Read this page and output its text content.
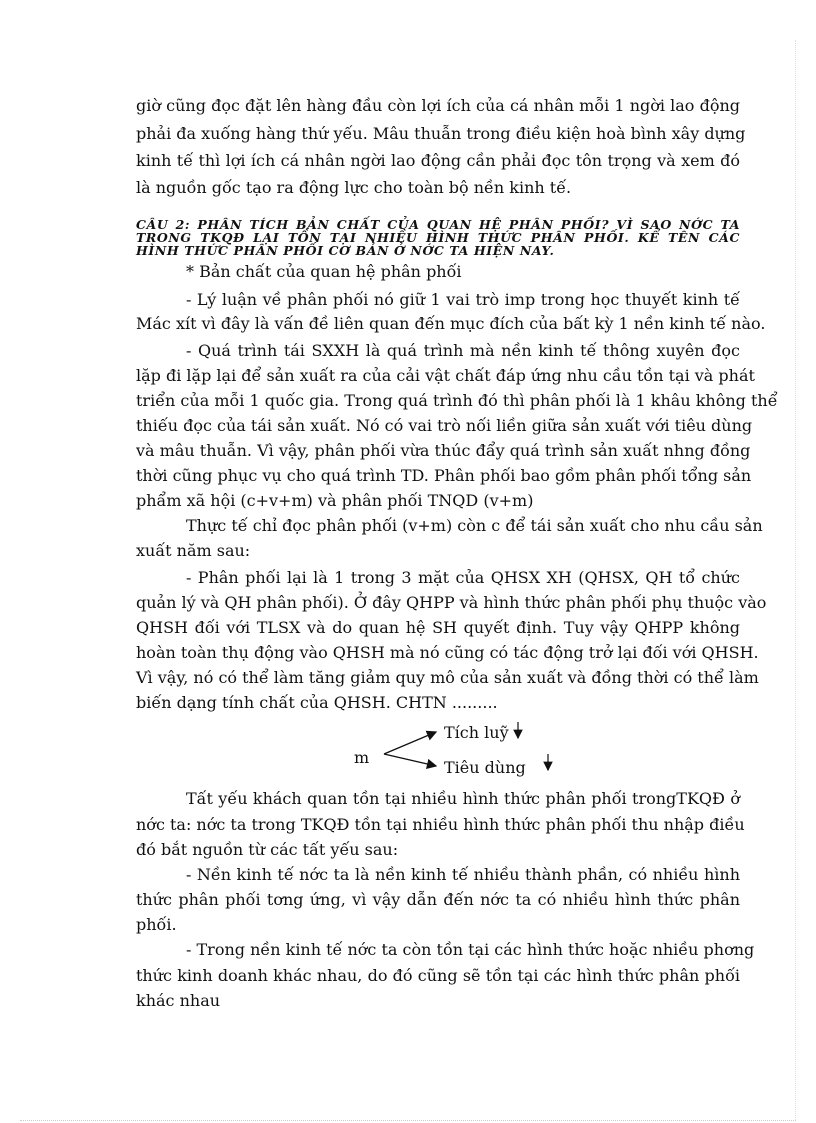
giờ cũng đọc đặt lên hàng đầu còn lợi ích của cá nhân mỗi 1 ngời lao động
phải đa xuống hàng thứ yếu. Mâu thuẫn trong điều kiện hoà bình xây dựng
kinh tế thì lợi ích cá nhân ngời lao động cần phải đọc tôn trọng và xem đó
là nguồn gốc tạo ra động lực cho toàn bộ nền kinh tế.
CÂU 2: PHÂN TÍCH BẢN CHẤT CỦA QUAN HỆ PHÂN PHỐI? VÌ SAO NỚC TA
TRONG TKQĐ LẠI TỒN TẠI NHIỀU HÌNH THỨC PHÂN PHỐI. KỂ TÊN CÁC
HÌNH THỨC PHÂN PHỐI CƠ BẢN Ở NỚC TA HIỆN NAY.
* Bản chất của quan hệ phân phối
- Lý luận về phân phối nó giữ 1 vai trò imp trong học thuyết kinh tế
Mác xít vì đây là vấn đề liên quan đến mục đích của bất kỳ 1 nền kinh tế nào.
- Quá trình tái SXXH là quá trình mà nền kinh tế thông xuyên đọc
lặp đi lặp lại để sản xuất ra của cải vật chất đáp ứng nhu cầu tồn tại và phát
triển của mỗi 1 quốc gia. Trong quá trình đó thì phân phối là 1 khâu không thể
thiếu đọc của tái sản xuất. Nó có vai trò nối liền giữa sản xuất với tiêu dùng
và mâu thuẫn. Vì vậy, phân phối vừa thúc đẩy quá trình sản xuất nhng đồng
thời cũng phục vụ cho quá trình TD. Phân phối bao gồm phân phối tổng sản
phẩm xã hội (c+v+m) và phân phối TNQD (v+m)
Thực tế chỉ đọc phân phối (v+m) còn c để tái sản xuất cho nhu cầu sản
xuất năm sau:
- Phân phối lại là 1 trong 3 mặt của QHSX XH (QHSX, QH tổ chức
quản lý và QH phân phối). Ở đây QHPP và hình thức phân phối phụ thuộc vào
QHSH đối với TLSX và do quan hệ SH quyết định. Tuy vậy QHPP không
hoàn toàn thụ động vào QHSH mà nó cũng có tác động trở lại đối với QHSH.
Vì vậy, nó có thể làm tăng giảm quy mô của sản xuất và đồng thời có thể làm
biến dạng tính chất của QHSH. CHTN .........
m
Tích luỹ
Tiêu dùng
Tất yếu khách quan tồn tại nhiều hình thức phân phối trongTKQĐ ở
nớc ta: nớc ta trong TKQĐ tồn tại nhiều hình thức phân phối thu nhập điều
đó bắt nguồn từ các tất yếu sau:
- Nền kinh tế nớc ta là nền kinh tế nhiều thành phần, có nhiều hình
thức phân phối tơng ứng, vì vậy dẫn đến nớc ta có nhiều hình thức phân
phối.
- Trong nền kinh tế nớc ta còn tồn tại các hình thức hoặc nhiều phơng
thức kinh doanh khác nhau, do đó cũng sẽ tồn tại các hình thức phân phối
khác nhau
